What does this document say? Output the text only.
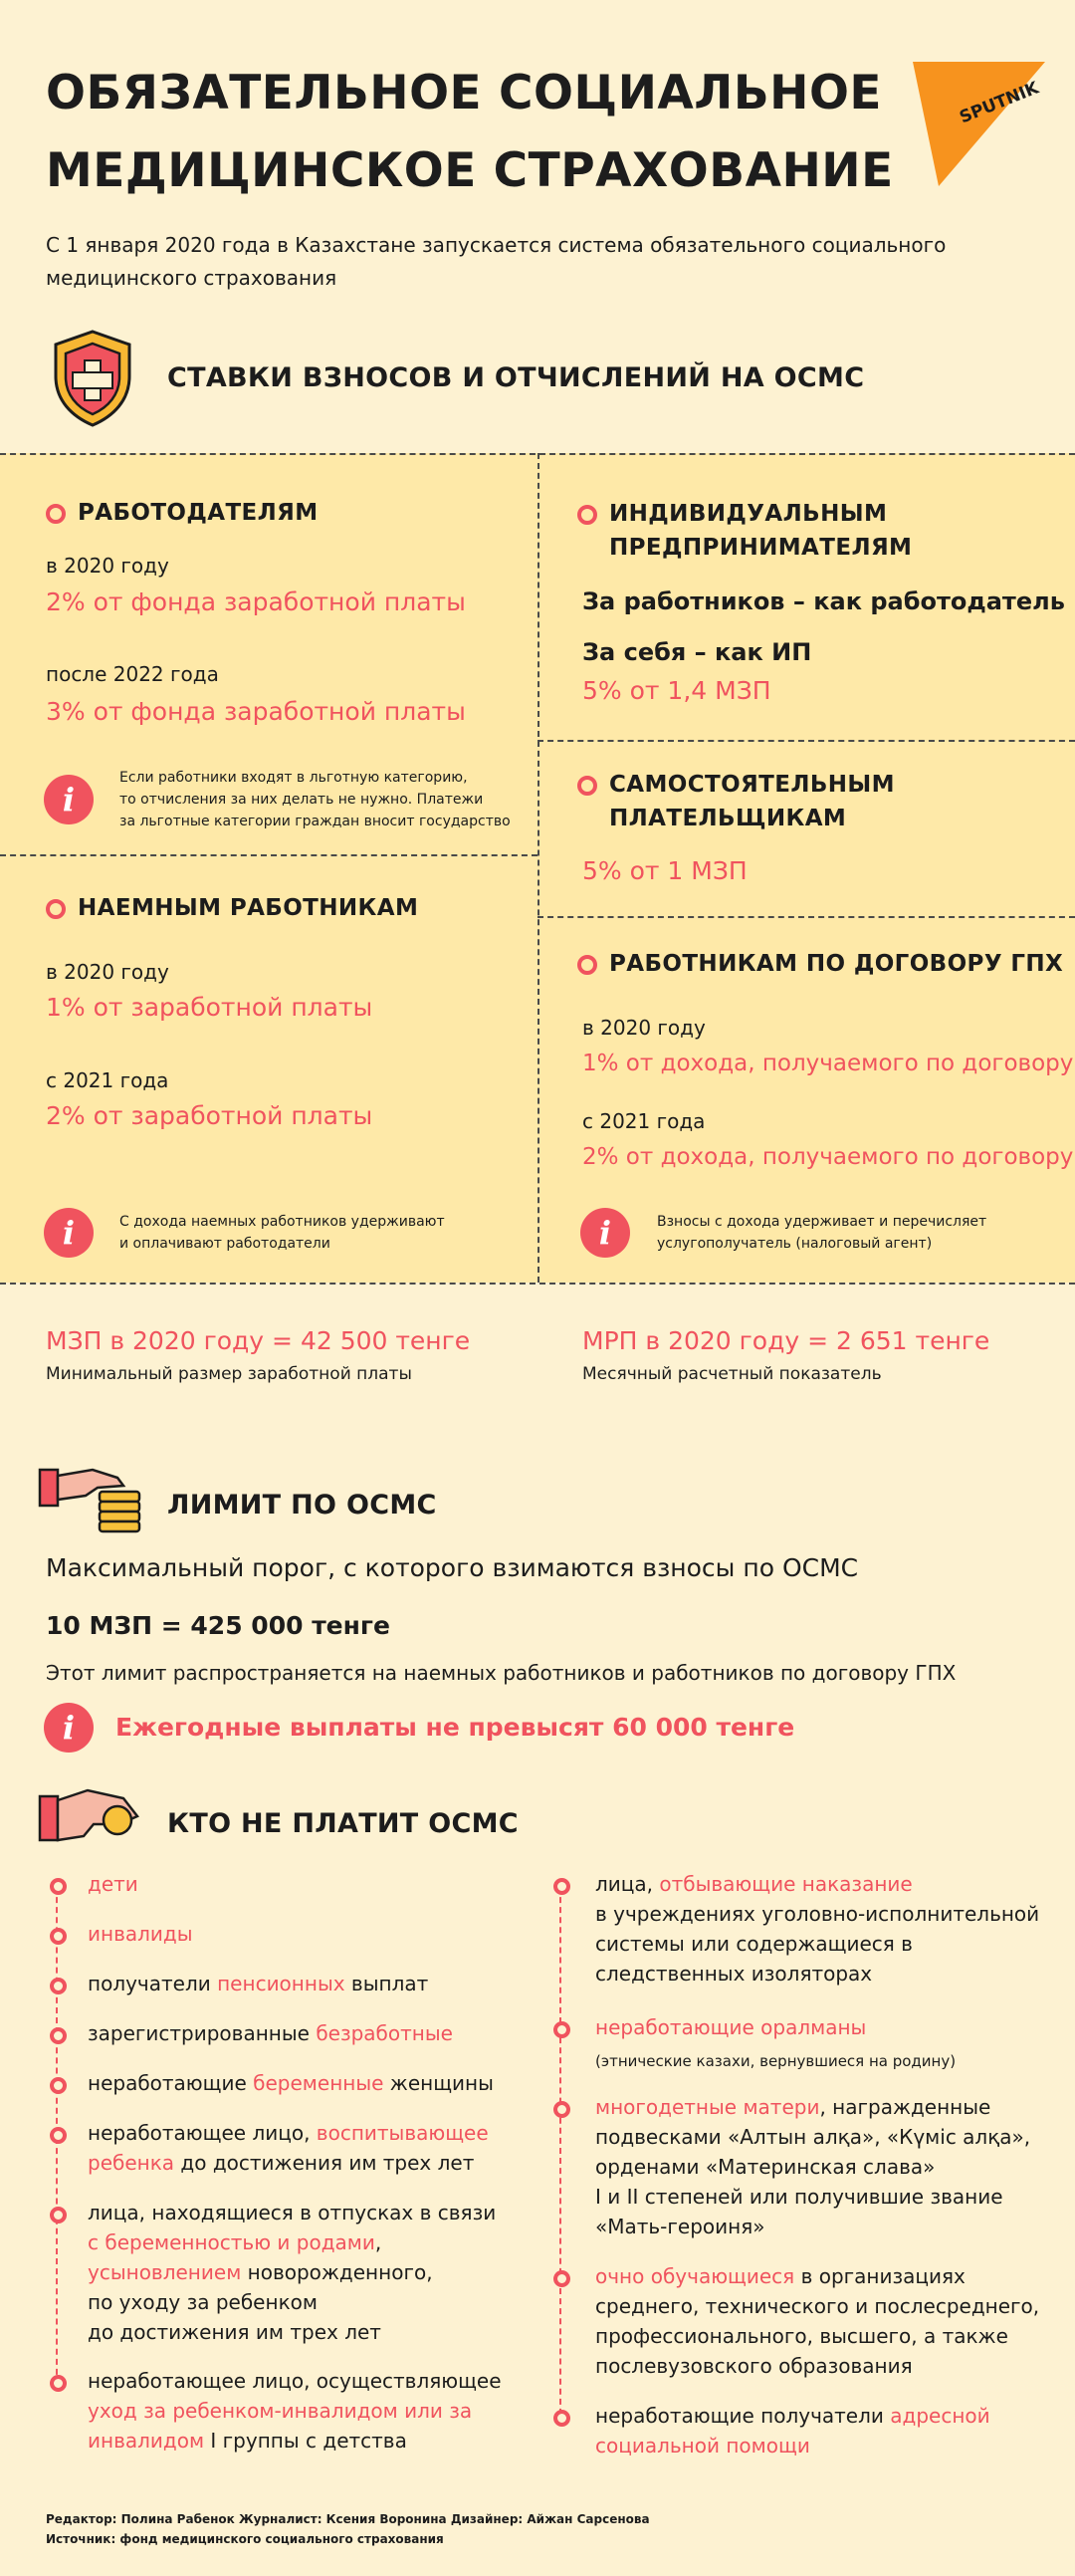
ОБЯЗАТЕЛЬНОЕ СОЦИАЛЬНОЕ
МЕДИЦИНСКОЕ СТРАХОВАНИЕ
SPUTNIK
С 1 января 2020 года в Казахстане запускается система обязательного социального
медицинского страхования
СТАВКИ ВЗНОСОВ И ОТЧИСЛЕНИЙ НА ОСМС
РАБОТОДАТЕЛЯМ
в 2020 году
2% от фонда заработной платы
после 2022 года
3% от фонда заработной платы
i
Если работники входят в льготную категорию,
то отчисления за них делать не нужно. Платежи
за льготные категории граждан вносит государство
НАЕМНЫМ РАБОТНИКАМ
в 2020 году
1% от заработной платы
с 2021 года
2% от заработной платы
i	С дохода наемных работников удерживают
и оплачивают работодатели
ИНДИВИДУАЛЬНЫМ
ПРЕДПРИНИМАТЕЛЯМ
За работников – как работодатель
За себя – как ИП
5% от 1,4 МЗП
САМОСТОЯТЕЛЬНЫМ
ПЛАТЕЛЬЩИКАМ
5% от 1 МЗП
РАБОТНИКАМ ПО ДОГОВОРУ ГПХ
в 2020 году
1% от дохода, получаемого по договору
с 2021 года
2% от дохода, получаемого по договору
i	Взносы с дохода удерживает и перечисляет
услугополучатель (налоговый агент)
МЗП в 2020 году = 42 500 тенге
Минимальный размер заработной платы
МРП в 2020 году = 2 651 тенге
Месячный расчетный показатель
ЛИМИТ ПО ОСМС
Максимальный порог, с которого взимаются взносы по ОСМС
10 МЗП = 425 000 тенге
Этот лимит распространяется на наемных работников и работников по договору ГПХ
i	Ежегодные выплаты не превысят 60 000 тенге
КТО НЕ ПЛАТИТ ОСМС
дети
инвалиды
получатели пенсионных выплат
зарегистрированные безработные
неработающие беременные женщины
неработающее лицо, воспитывающее
ребенка до достижения им трех лет
лица, находящиеся в отпусках в связи
с беременностью и родами,
усыновлением новорожденного,
по уходу за ребенком
до достижения им трех лет
неработающее лицо, осуществляющее
уход за ребенком-инвалидом или за
инвалидом I группы с детства
лица, отбывающие наказание
в учреждениях уголовно-исполнительной
системы или содержащиеся в
следственных изоляторах
неработающие оралманы
(этнические казахи, вернувшиеся на родину)
многодетные матери, награжденные
подвесками «Алтын алқа», «Күміс алқа»,
орденами «Материнская слава»
I и II степеней или получившие звание
«Мать-героиня»
очно обучающиеся в организациях
среднего, технического и послесреднего,
профессионального, высшего, а также
послевузовского образования
неработающие получатели адресной
социальной помощи
Редактор: Полина Рабенок Журналист: Ксения Воронина Дизайнер: Айжан Сарсенова
Источник: фонд медицинского социального страхования
